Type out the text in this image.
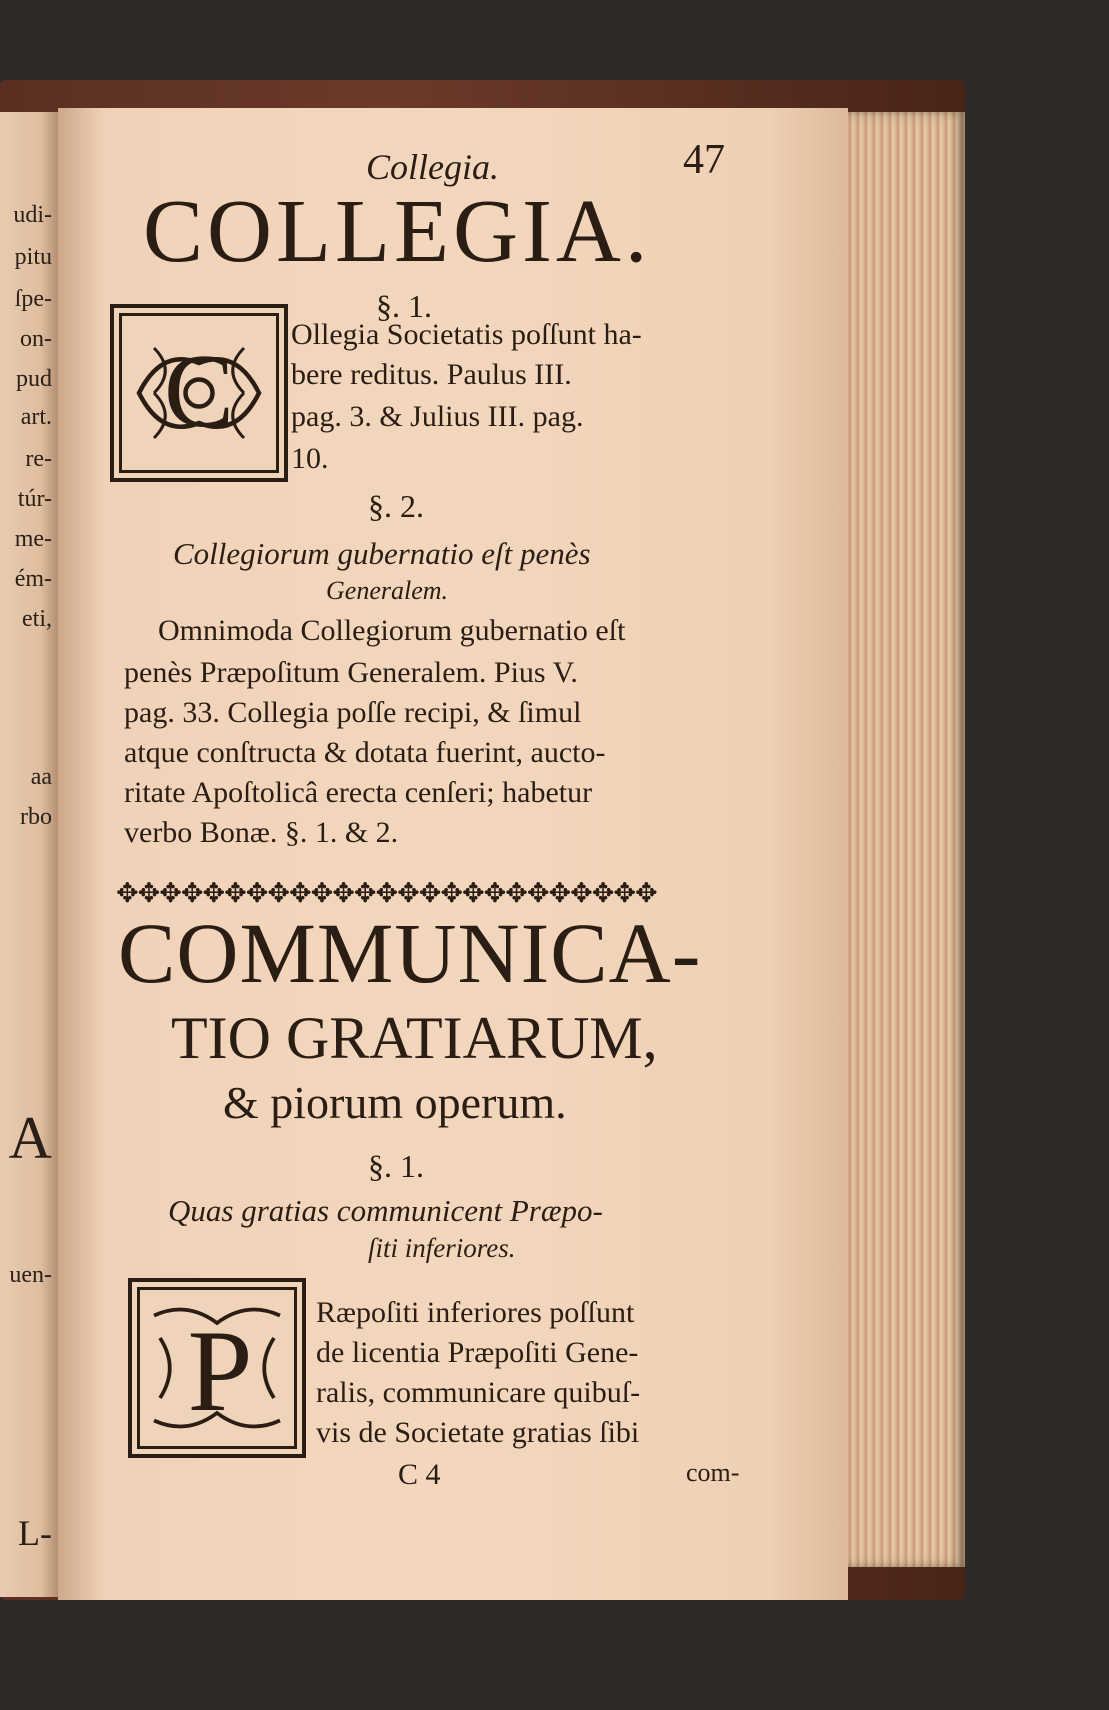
udi-
pitu
ſpe-
on-
pud
art.
re-
túr-
me-
ém-
eti,
aa
rbo
A
uen-
L-
Collegia.	47
COLLEGIA.
§. 1.
C Ollegia Societatis poſſunt ha-
bere reditus. Paulus III.
pag. 3. & Julius III. pag.
10.
§. 2.
Collegiorum gubernatio eſt penès
Generalem.
Omnimoda Collegiorum gubernatio eſt
penès Præpoſitum Generalem. Pius V.
pag. 33. Collegia poſſe recipi, & ſimul
atque conſtructa & dotata fuerint, aucto-
ritate Apoſtolicâ erecta cenſeri; habetur
verbo Bonæ. §. 1. & 2.
✥✥✥✥✥✥✥✥✥✥✥✥✥✥✥✥✥✥✥✥✥✥✥✥✥
COMMUNICA-
TIO GRATIARUM,
& piorum operum.
§. 1.
Quas gratias communicent Præpo-
ſiti inferiores.
P Ræpoſiti inferiores poſſunt
de licentia Præpoſiti Gene-
ralis, communicare quibuſ-
vis de Societate gratias ſibi
C 4	com-
